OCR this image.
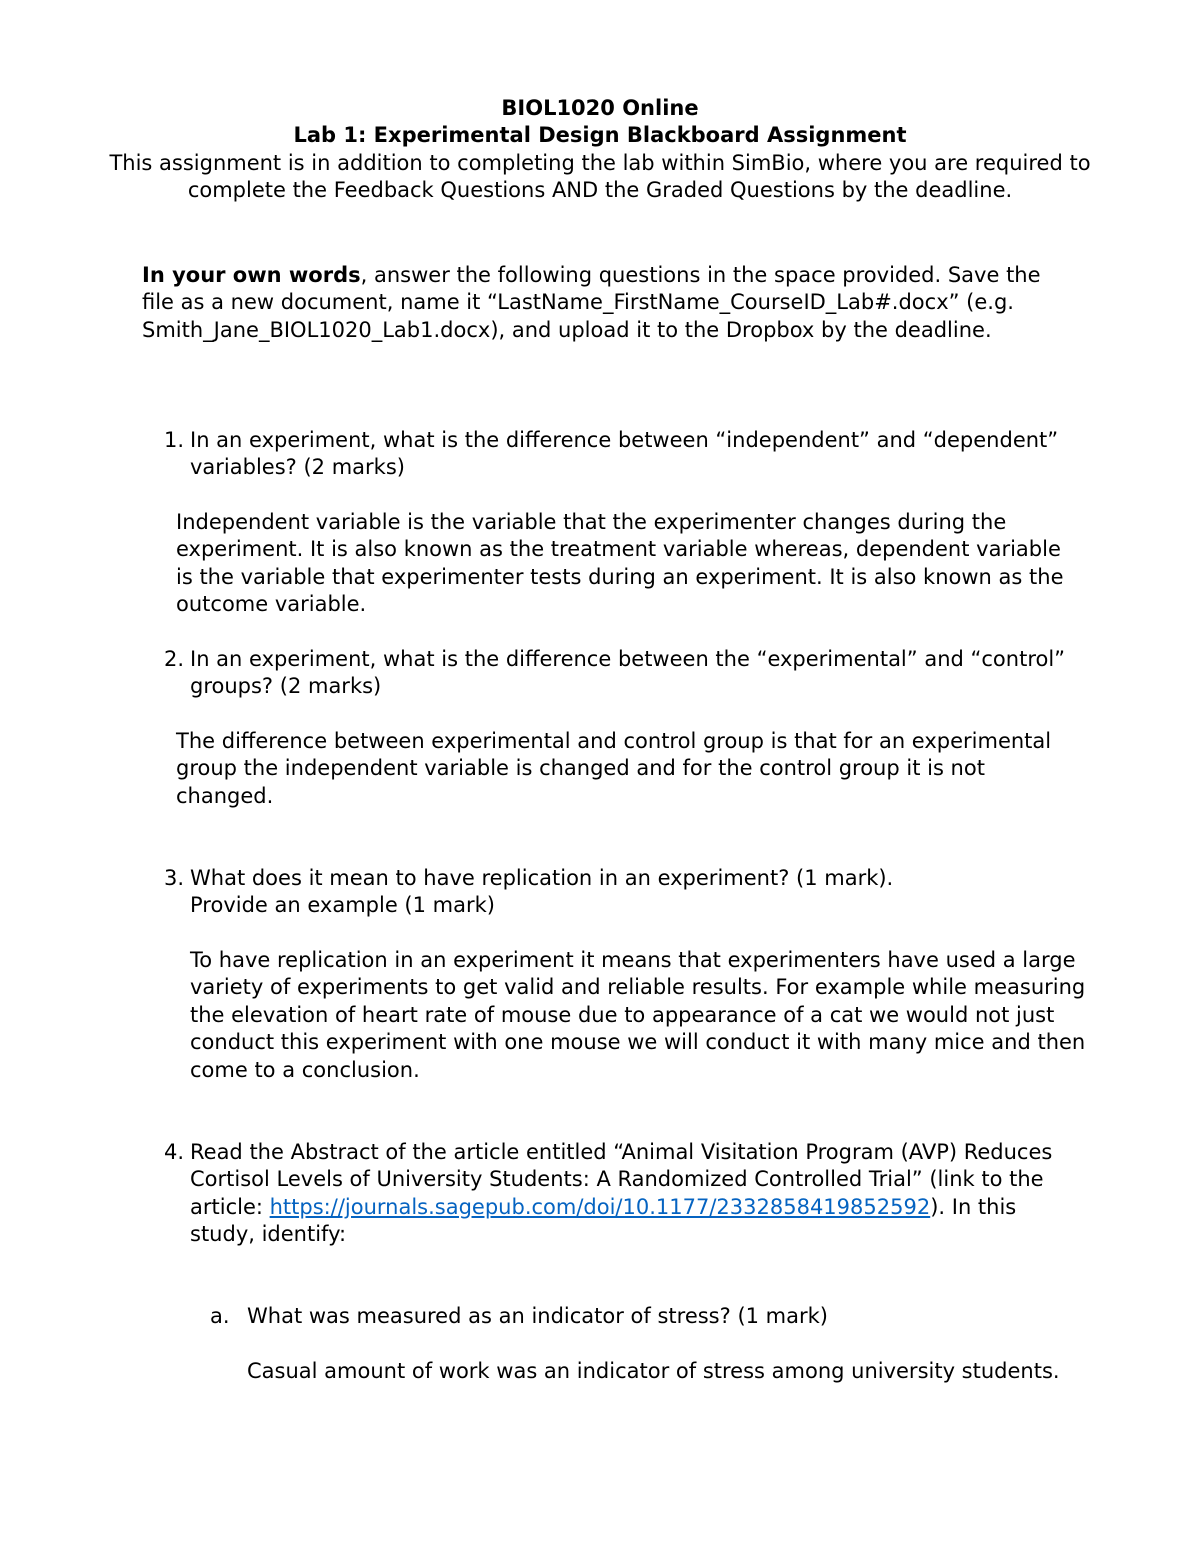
BIOL1020 Online

Lab 1: Experimental Design Blackboard Assignment

This assignment is in addition to completing the lab within SimBio, where you are required to complete the Feedback Questions AND the Graded Questions by the deadline.

In your own words, answer the following questions in the space provided. Save the file as a new document, name it “LastName_FirstName_CourseID_Lab#.docx” (e.g. Smith_Jane_BIOL1020_Lab1.docx), and upload it to the Dropbox by the deadline.

1. In an experiment, what is the difference between “independent” and “dependent” variables? (2 marks)
Independent variable is the variable that the experimenter changes during the experiment. It is also known as the treatment variable whereas, dependent variable is the variable that experimenter tests during an experiment. It is also known as the outcome variable.
2. In an experiment, what is the difference between the “experimental” and “control” groups? (2 marks)
The difference between experimental and control group is that for an experimental group the independent variable is changed and for the control group it is not changed.
3. What does it mean to have replication in an experiment? (1 mark).
Provide an example (1 mark)
To have replication in an experiment it means that experimenters have used a large variety of experiments to get valid and reliable results. For example while measuring the elevation of heart rate of mouse due to appearance of a cat we would not just conduct this experiment with one mouse we will conduct it with many mice and then come to a conclusion.
4. Read the Abstract of the article entitled “Animal Visitation Program (AVP) Reduces Cortisol Levels of University Students: A Randomized Controlled Trial” (link to the article: https://journals.sagepub.com/doi/10.1177/2332858419852592). In this study, identify:
a. What was measured as an indicator of stress? (1 mark)
Casual amount of work was an indicator of stress among university students.
